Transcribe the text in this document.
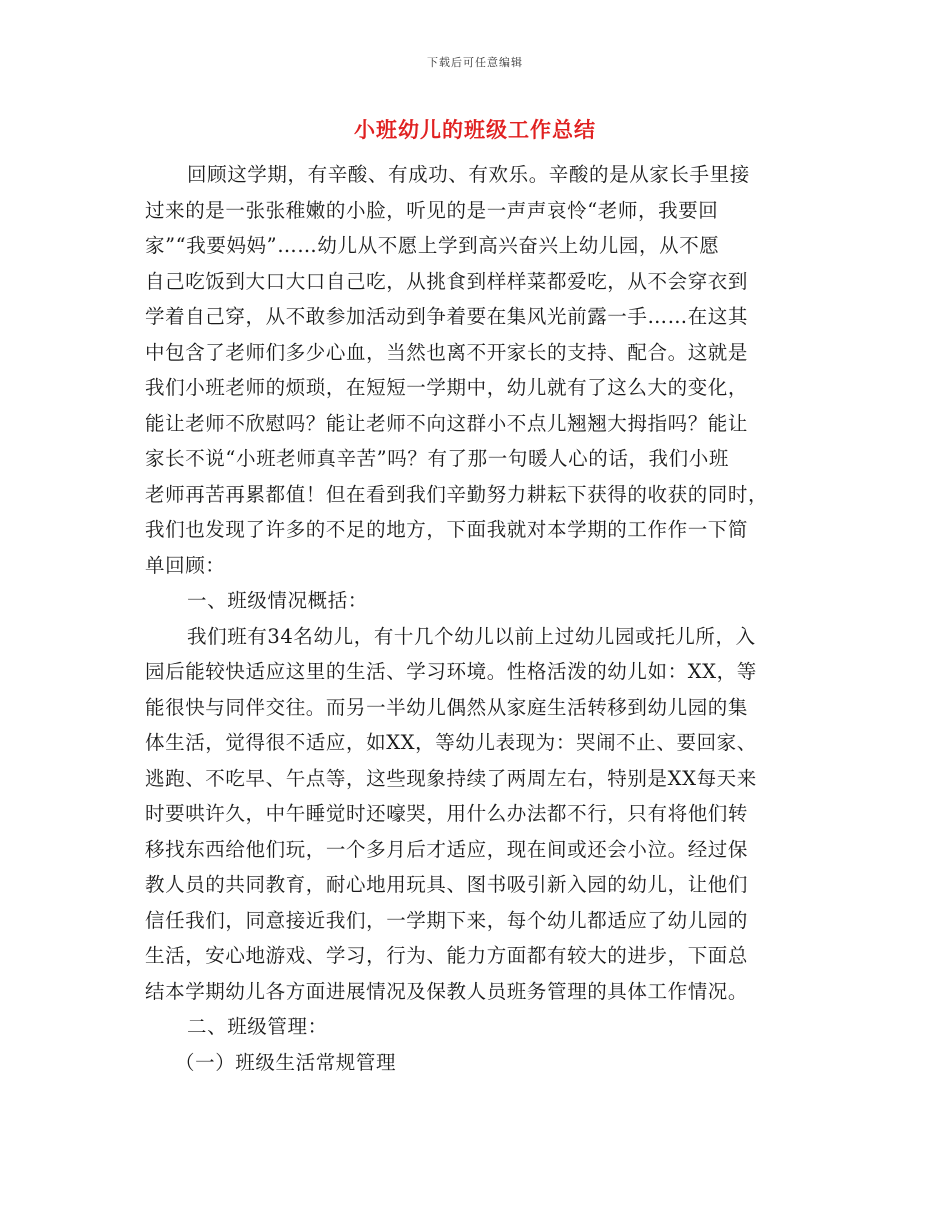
下载后可任意编辑
小班幼儿的班级工作总结
回顾这学期，有辛酸、有成功、有欢乐。辛酸的是从家长手里接
过来的是一张张稚嫩的小脸，听见的是一声声哀怜“老师，我要回
家”“我要妈妈”……幼儿从不愿上学到高兴奋兴上幼儿园，从不愿
自己吃饭到大口大口自己吃，从挑食到样样菜都爱吃，从不会穿衣到
学着自己穿，从不敢参加活动到争着要在集风光前露一手……在这其
中包含了老师们多少心血，当然也离不开家长的支持、配合。这就是
我们小班老师的烦琐，在短短一学期中，幼儿就有了这么大的变化，
能让老师不欣慰吗？能让老师不向这群小不点儿翘翘大拇指吗？能让
家长不说“小班老师真辛苦”吗？有了那一句暖人心的话，我们小班
老师再苦再累都值！但在看到我们辛勤努力耕耘下获得的收获的同时，
我们也发现了许多的不足的地方，下面我就对本学期的工作作一下简
单回顾：
一、班级情况概括：
我们班有34名幼儿，有十几个幼儿以前上过幼儿园或托儿所，入
园后能较快适应这里的生活、学习环境。性格活泼的幼儿如：XX，等
能很快与同伴交往。而另一半幼儿偶然从家庭生活转移到幼儿园的集
体生活，觉得很不适应，如XX，等幼儿表现为：哭闹不止、要回家、
逃跑、不吃早、午点等，这些现象持续了两周左右，特别是XX每天来
时要哄许久，中午睡觉时还嚎哭，用什么办法都不行，只有将他们转
移找东西给他们玩，一个多月后才适应，现在间或还会小泣。经过保
教人员的共同教育，耐心地用玩具、图书吸引新入园的幼儿，让他们
信任我们，同意接近我们，一学期下来，每个幼儿都适应了幼儿园的
生活，安心地游戏、学习，行为、能力方面都有较大的进步，下面总
结本学期幼儿各方面进展情况及保教人员班务管理的具体工作情况。
二、班级管理：
（一）班级生活常规管理
